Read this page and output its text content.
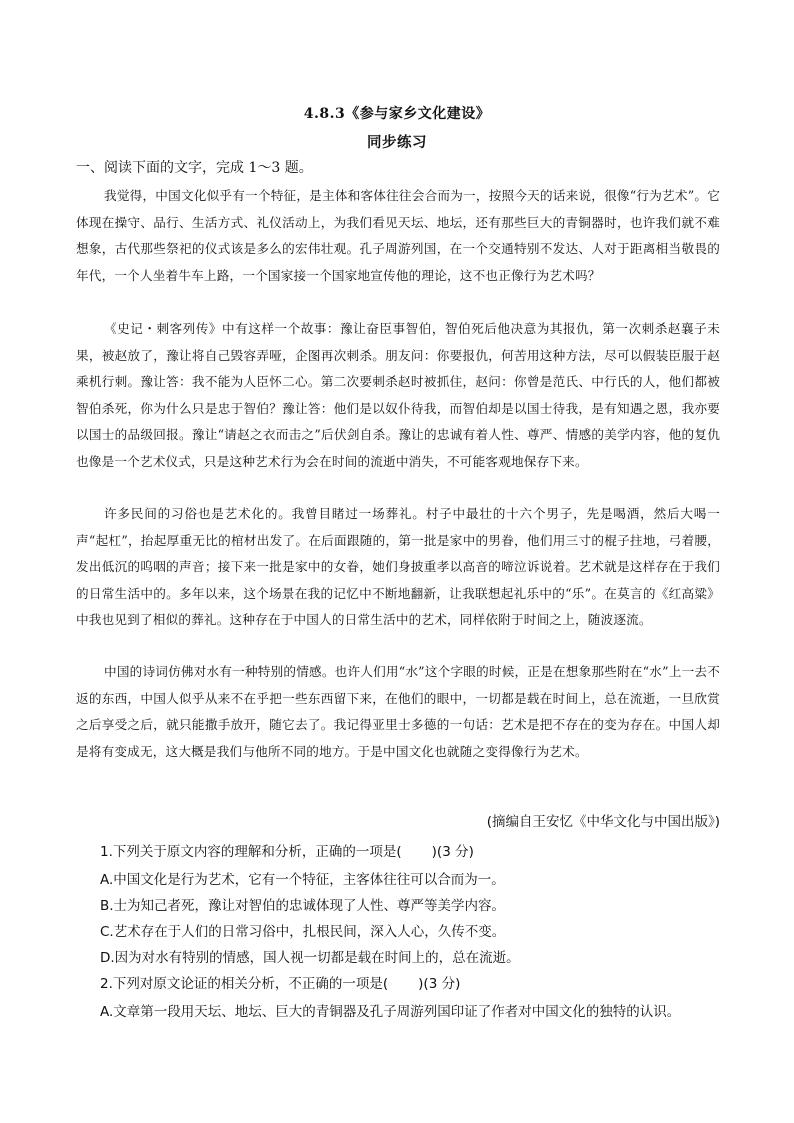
4.8.3《参与家乡文化建设》
同步练习
一、阅读下面的文字，完成 1～3 题。
我觉得，中国文化似乎有一个特征，是主体和客体往往会合而为一，按照今天的话来说，很像“行为艺术”。它体现在操守、品行、生活方式、礼仪活动上，为我们看见天坛、地坛，还有那些巨大的青铜器时，也许我们就不难想象，古代那些祭祀的仪式该是多么的宏伟壮观。孔子周游列国，在一个交通特别不发达、人对于距离相当敬畏的年代，一个人坐着牛车上路，一个国家接一个国家地宣传他的理论，这不也正像行为艺术吗？
《史记・刺客列传》中有这样一个故事：豫让奋臣事智伯，智伯死后他决意为其报仇，第一次刺杀赵襄子未果，被赵放了，豫让将自己毁容弄哑，企图再次刺杀。朋友问：你要报仇，何苦用这种方法，尽可以假装臣服于赵乘机行刺。豫让答：我不能为人臣怀二心。第二次要刺杀赵时被抓住，赵问：你曾是范氏、中行氏的人，他们都被智伯杀死，你为什么只是忠于智伯？豫让答：他们是以奴仆待我，而智伯却是以国士待我，是有知遇之恩，我亦要以国士的品级回报。豫让“请赵之衣而击之”后伏剑自杀。豫让的忠诚有着人性、尊严、情感的美学内容，他的复仇也像是一个艺术仪式，只是这种艺术行为会在时间的流逝中消失，不可能客观地保存下来。
许多民间的习俗也是艺术化的。我曾目睹过一场葬礼。村子中最壮的十六个男子，先是喝酒，然后大喝一声“起杠”，抬起厚重无比的棺材出发了。在后面跟随的，第一批是家中的男眷，他们用三寸的棍子拄地，弓着腰，发出低沉的呜咽的声音；接下来一批是家中的女眷，她们身披重孝以高音的啼泣诉说着。艺术就是这样存在于我们的日常生活中的。多年以来，这个场景在我的记忆中不断地翻新，让我联想起礼乐中的“乐”。在莫言的《红高粱》中我也见到了相似的葬礼。这种存在于中国人的日常生活中的艺术，同样依附于时间之上，随波逐流。
中国的诗词仿佛对水有一种特别的情感。也许人们用“水”这个字眼的时候，正是在想象那些附在“水”上一去不返的东西，中国人似乎从来不在乎把一些东西留下来，在他们的眼中，一切都是载在时间上，总在流逝，一旦欣赏之后享受之后，就只能撒手放开，随它去了。我记得亚里士多德的一句话：艺术是把不存在的变为存在。中国人却是将有变成无，这大概是我们与他所不同的地方。于是中国文化也就随之变得像行为艺术。
(摘编自王安忆《中华文化与中国出版》)
1.下列关于原文内容的理解和分析，正确的一项是( )(3 分)
A.中国文化是行为艺术，它有一个特征，主客体往往可以合而为一。
B.士为知己者死，豫让对智伯的忠诚体现了人性、尊严等美学内容。
C.艺术存在于人们的日常习俗中，扎根民间，深入人心，久传不变。
D.因为对水有特别的情感，国人视一切都是载在时间上的，总在流逝。
2.下列对原文论证的相关分析，不正确的一项是( )(3 分)
A.文章第一段用天坛、地坛、巨大的青铜器及孔子周游列国印证了作者对中国文化的独特的认识。
